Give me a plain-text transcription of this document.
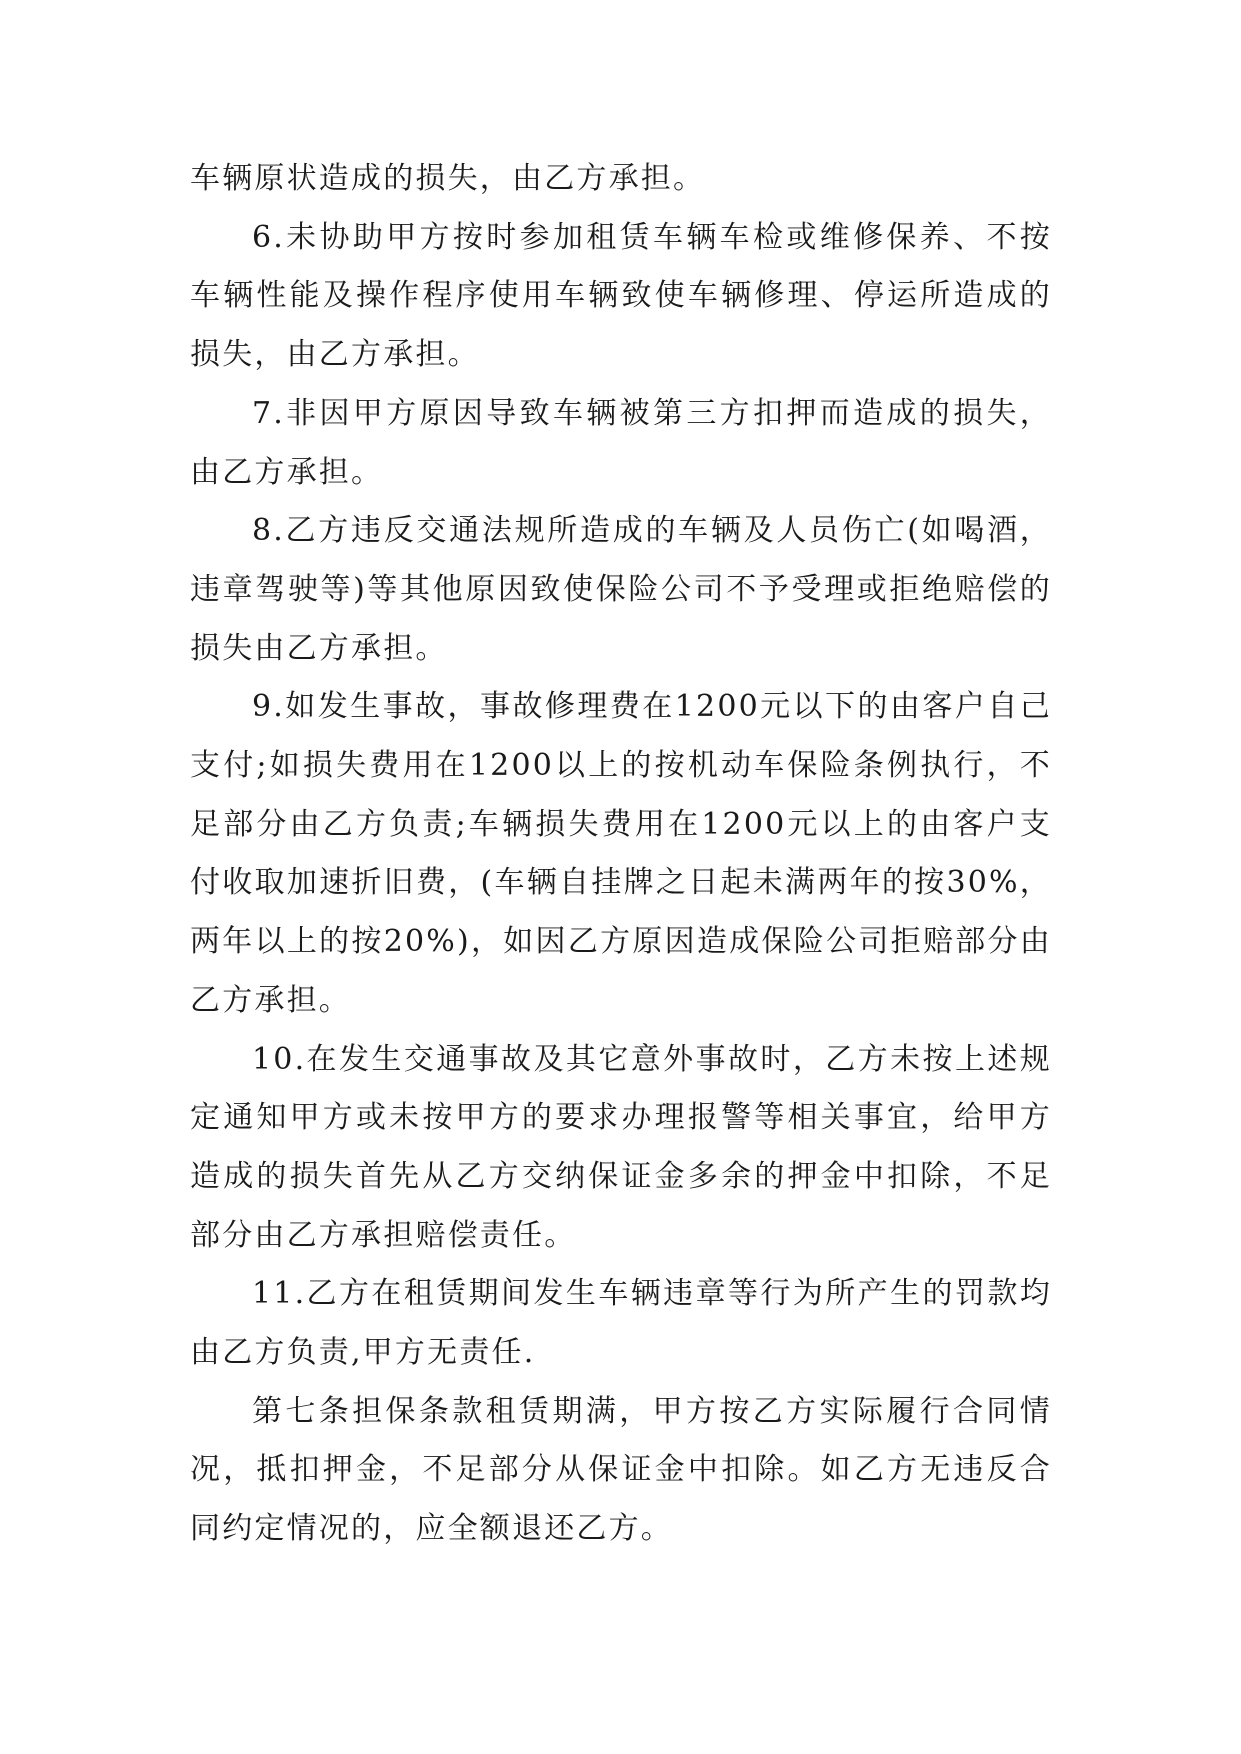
车辆原状造成的损失，由乙方承担。

6.未协助甲方按时参加租赁车辆车检或维修保养、不按车辆性能及操作程序使用车辆致使车辆修理、停运所造成的损失，由乙方承担。

7.非因甲方原因导致车辆被第三方扣押而造成的损失，由乙方承担。

8.乙方违反交通法规所造成的车辆及人员伤亡(如喝酒，违章驾驶等)等其他原因致使保险公司不予受理或拒绝赔偿的损失由乙方承担。

9.如发生事故，事故修理费在1200元以下的由客户自己支付;如损失费用在1200以上的按机动车保险条例执行，不足部分由乙方负责;车辆损失费用在1200元以上的由客户支付收取加速折旧费，(车辆自挂牌之日起未满两年的按30%，两年以上的按20%)，如因乙方原因造成保险公司拒赔部分由乙方承担。

10.在发生交通事故及其它意外事故时，乙方未按上述规定通知甲方或未按甲方的要求办理报警等相关事宜，给甲方造成的损失首先从乙方交纳保证金多余的押金中扣除，不足部分由乙方承担赔偿责任。

11.乙方在租赁期间发生车辆违章等行为所产生的罚款均由乙方负责,甲方无责任.

第七条担保条款租赁期满，甲方按乙方实际履行合同情况，抵扣押金，不足部分从保证金中扣除。如乙方无违反合同约定情况的，应全额退还乙方。
